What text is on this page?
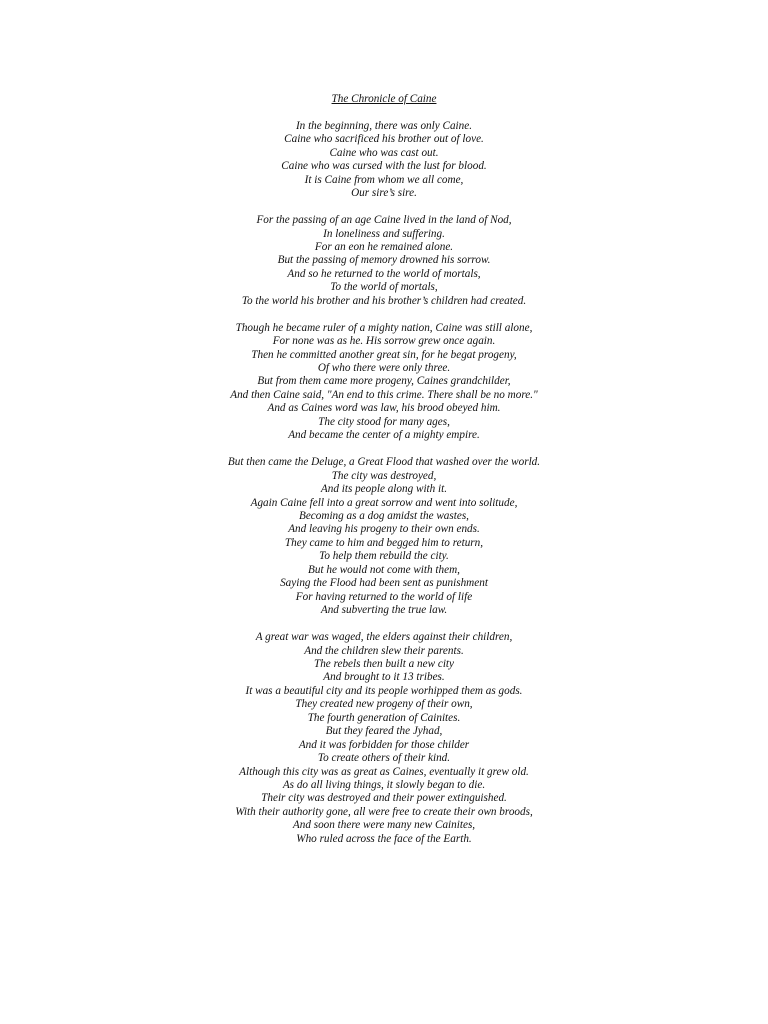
The Chronicle of Caine
In the beginning, there was only Caine.
Caine who sacrificed his brother out of love.
Caine who was cast out.
Caine who was cursed with the lust for blood.
It is Caine from whom we all come,
Our sire’s sire.
For the passing of an age Caine lived in the land of Nod,
In loneliness and suffering.
For an eon he remained alone.
But the passing of memory drowned his sorrow.
And so he returned to the world of mortals,
To the world of mortals,
To the world his brother and his brother’s children had created.
Though he became ruler of a mighty nation, Caine was still alone,
For none was as he. His sorrow grew once again.
Then he committed another great sin, for he begat progeny,
Of who there were only three.
But from them came more progeny, Caines grandchilder,
And then Caine said, "An end to this crime. There shall be no more."
And as Caines word was law, his brood obeyed him.
The city stood for many ages,
And became the center of a mighty empire.
But then came the Deluge, a Great Flood that washed over the world.
The city was destroyed,
And its people along with it.
Again Caine fell into a great sorrow and went into solitude,
Becoming as a dog amidst the wastes,
And leaving his progeny to their own ends.
They came to him and begged him to return,
To help them rebuild the city.
But he would not come with them,
Saying the Flood had been sent as punishment
For having returned to the world of life
And subverting the true law.
A great war was waged, the elders against their children,
And the children slew their parents.
The rebels then built a new city
And brought to it 13 tribes.
It was a beautiful city and its people worhipped them as gods.
They created new progeny of their own,
The fourth generation of Cainites.
But they feared the Jyhad,
And it was forbidden for those childer
To create others of their kind.
Although this city was as great as Caines, eventually it grew old.
As do all living things, it slowly began to die.
Their city was destroyed and their power extinguished.
With their authority gone, all were free to create their own broods,
And soon there were many new Cainites,
Who ruled across the face of the Earth.
